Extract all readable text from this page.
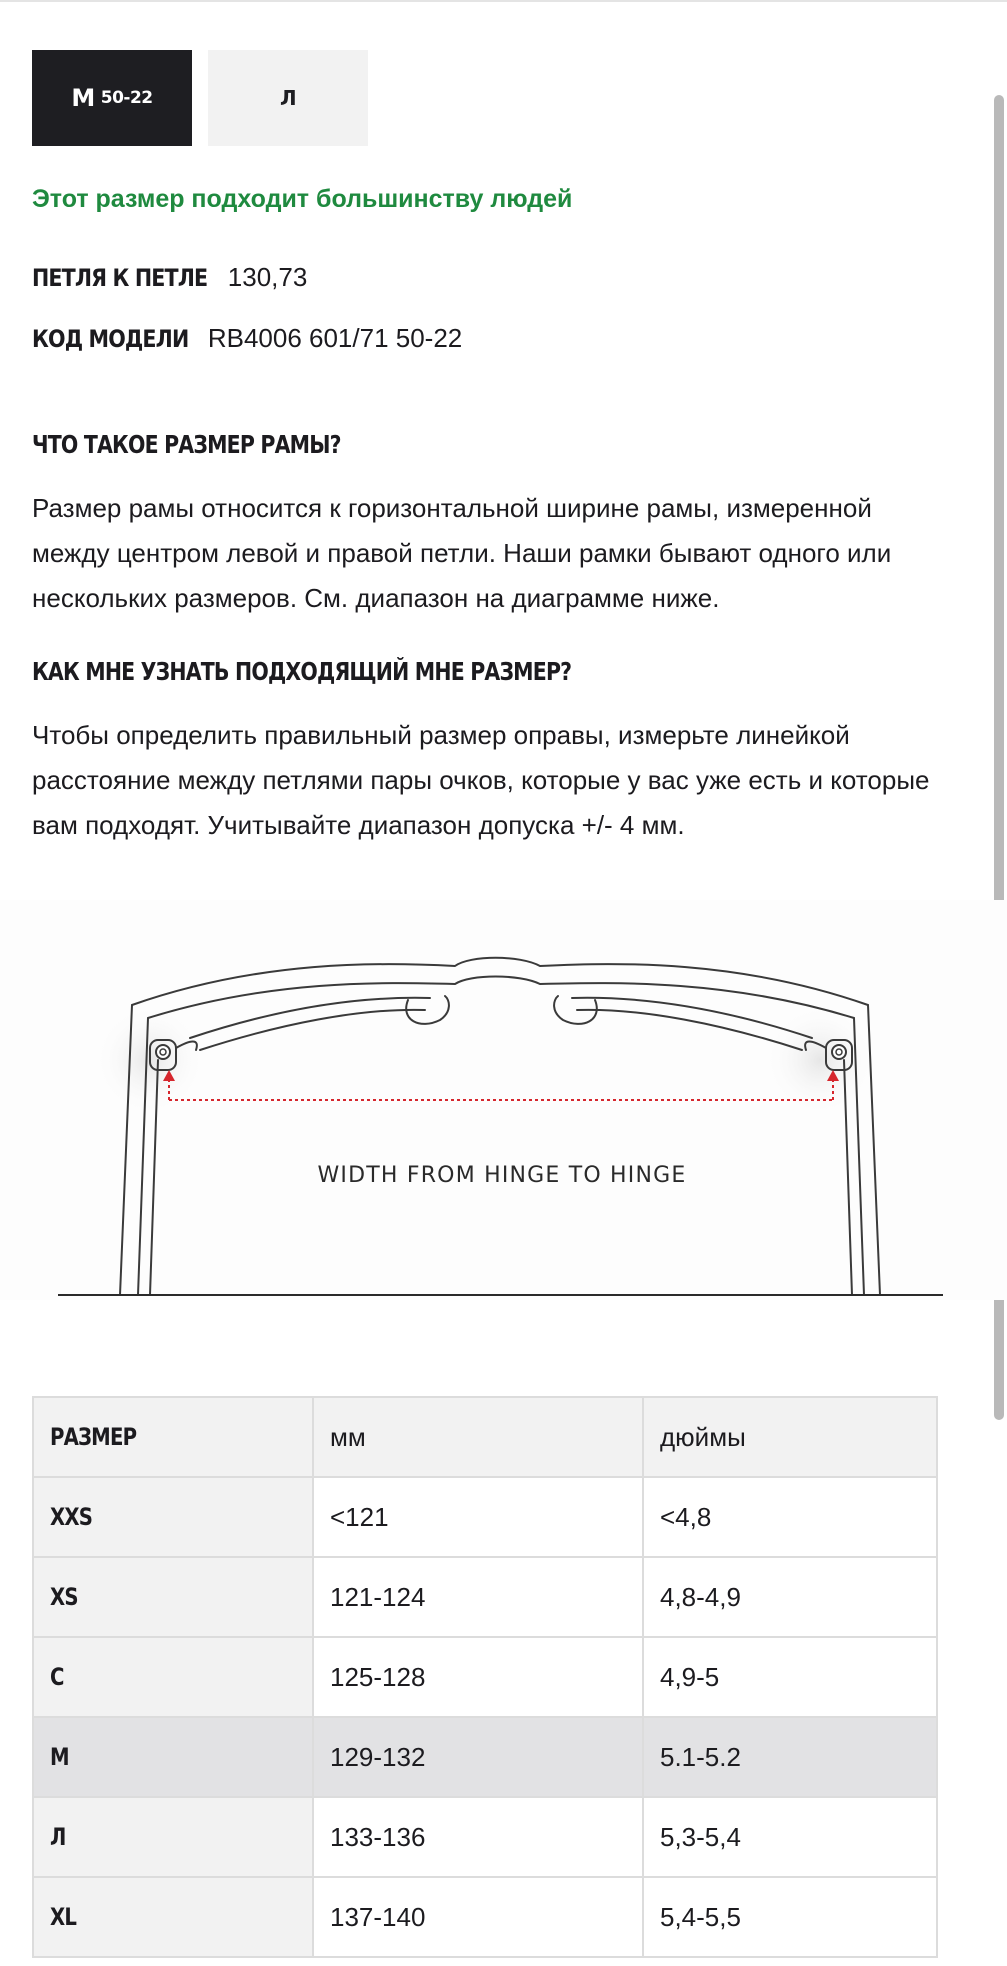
M 50-22	Л
Этот размер подходит большинству людей
ПЕТЛЯ К ПЕТЛЕ 130,73
КОД МОДЕЛИ RB4006 601/71 50-22
ЧТО ТАКОЕ РАЗМЕР РАМЫ?
Размер рамы относится к горизонтальной ширине рамы, измеренной между центром левой и правой петли. Наши рамки бывают одного или нескольких размеров. См. диапазон на диаграмме ниже.
КАК МНЕ УЗНАТЬ ПОДХОДЯЩИЙ МНЕ РАЗМЕР?
Чтобы определить правильный размер оправы, измерьте линейкой расстояние между петлями пары очков, которые у вас уже есть и которые вам подходят. Учитывайте диапазон допуска +/- 4 мм.
WIDTH FROM HINGE TO HINGE
РАЗМЕР	мм	дюймы
XXS	<121	<4,8
XS	121-124	4,8-4,9
С	125-128	4,9-5
M	129-132	5.1-5.2
Л	133-136	5,3-5,4
XL	137-140	5,4-5,5
